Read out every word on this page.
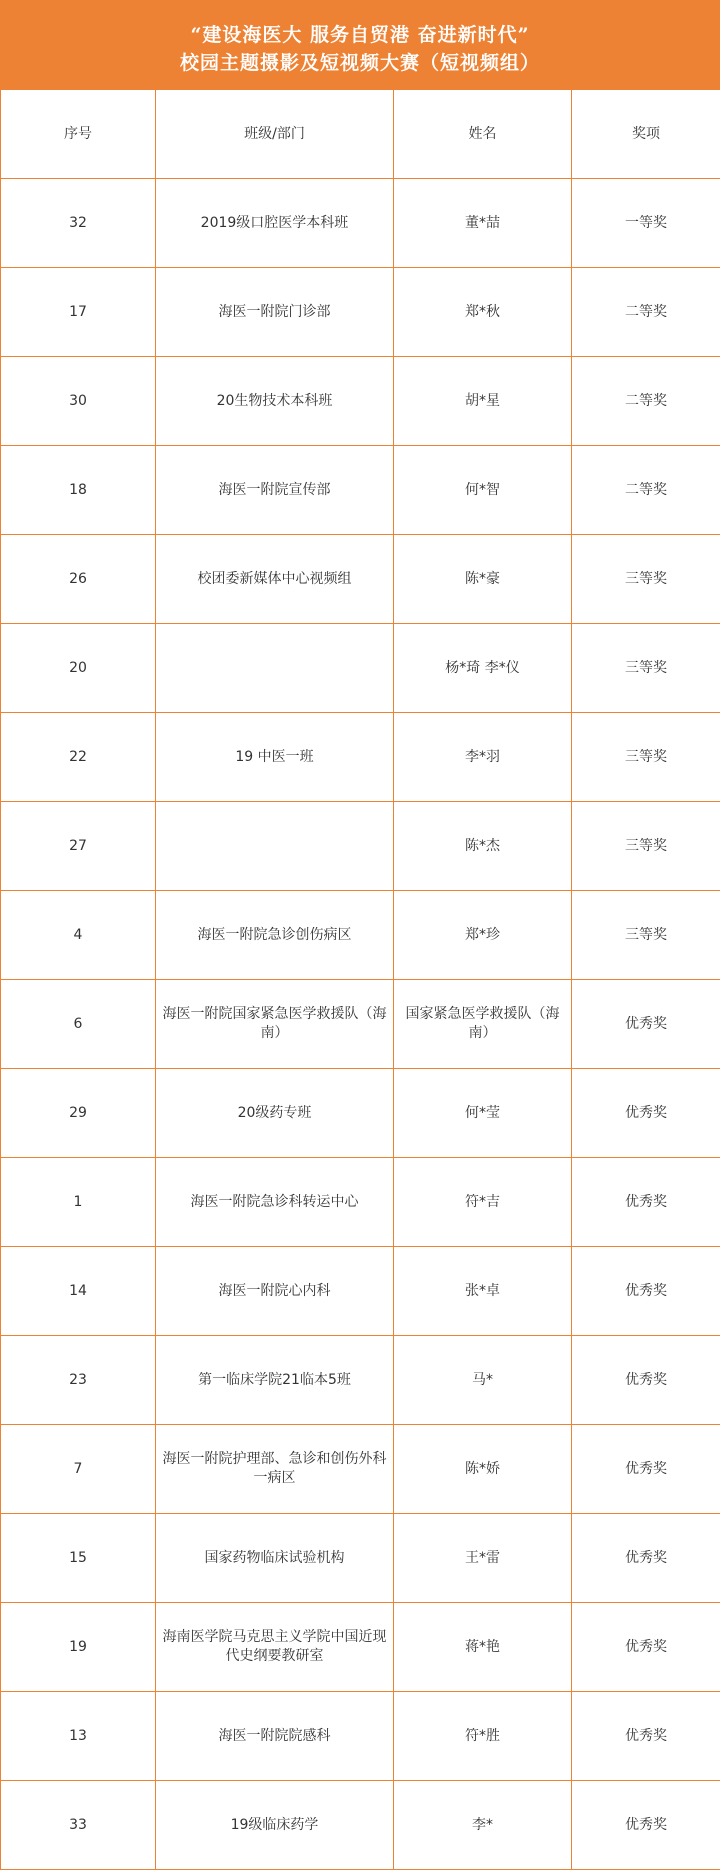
“建设海医大 服务自贸港 奋进新时代”
校园主题摄影及短视频大赛（短视频组）
序号	班级/部门	姓名	奖项
32	2019级口腔医学本科班	董*喆	一等奖
17	海医一附院门诊部	郑*秋	二等奖
30	20生物技术本科班	胡*星	二等奖
18	海医一附院宣传部	何*智	二等奖
26	校团委新媒体中心视频组	陈*豪	三等奖
20		杨*琦 李*仪	三等奖
22	19 中医一班	李*羽	三等奖
27		陈*杰	三等奖
4	海医一附院急诊创伤病区	郑*珍	三等奖
6	海医一附院国家紧急医学救援队（海南）	国家紧急医学救援队（海南）	优秀奖
29	20级药专班	何*莹	优秀奖
1	海医一附院急诊科转运中心	符*吉	优秀奖
14	海医一附院心内科	张*卓	优秀奖
23	第一临床学院21临本5班	马*	优秀奖
7	海医一附院护理部、急诊和创伤外科一病区	陈*娇	优秀奖
15	国家药物临床试验机构	王*雷	优秀奖
19	海南医学院马克思主义学院中国近现代史纲要教研室	蒋*艳	优秀奖
13	海医一附院院感科	符*胜	优秀奖
33	19级临床药学	李*	优秀奖
